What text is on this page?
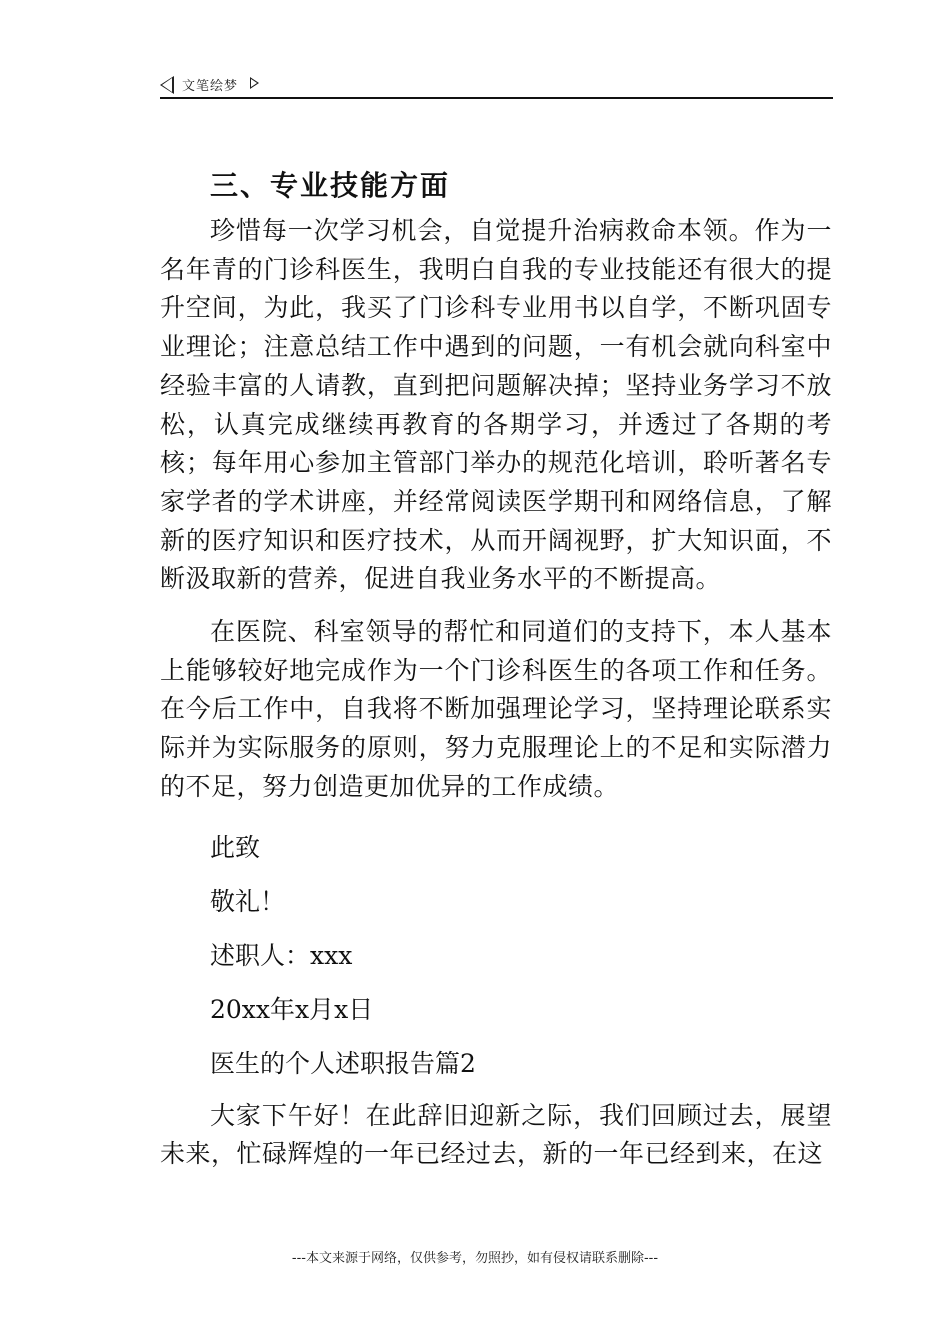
文笔绘梦
三、专业技能方面

珍惜每一次学习机会，自觉提升治病救命本领。作为一名年青的门诊科医生，我明白自我的专业技能还有很大的提升空间，为此，我买了门诊科专业用书以自学，不断巩固专业理论；注意总结工作中遇到的问题，一有机会就向科室中经验丰富的人请教，直到把问题解决掉；坚持业务学习不放松，认真完成继续再教育的各期学习，并透过了各期的考核；每年用心参加主管部门举办的规范化培训，聆听著名专家学者的学术讲座，并经常阅读医学期刊和网络信息，了解新的医疗知识和医疗技术，从而开阔视野，扩大知识面，不断汲取新的营养，促进自我业务水平的不断提高。

在医院、科室领导的帮忙和同道们的支持下，本人基本上能够较好地完成作为一个门诊科医生的各项工作和任务。在今后工作中，自我将不断加强理论学习，坚持理论联系实际并为实际服务的原则，努力克服理论上的不足和实际潜力的不足，努力创造更加优异的工作成绩。

此致

敬礼！

述职人：xxx

20xx年x月x日

医生的个人述职报告篇2

大家下午好！在此辞旧迎新之际，我们回顾过去，展望未来，忙碌辉煌的一年已经过去，新的一年已经到来，在这

---本文来源于网络，仅供参考，勿照抄，如有侵权请联系删除---
